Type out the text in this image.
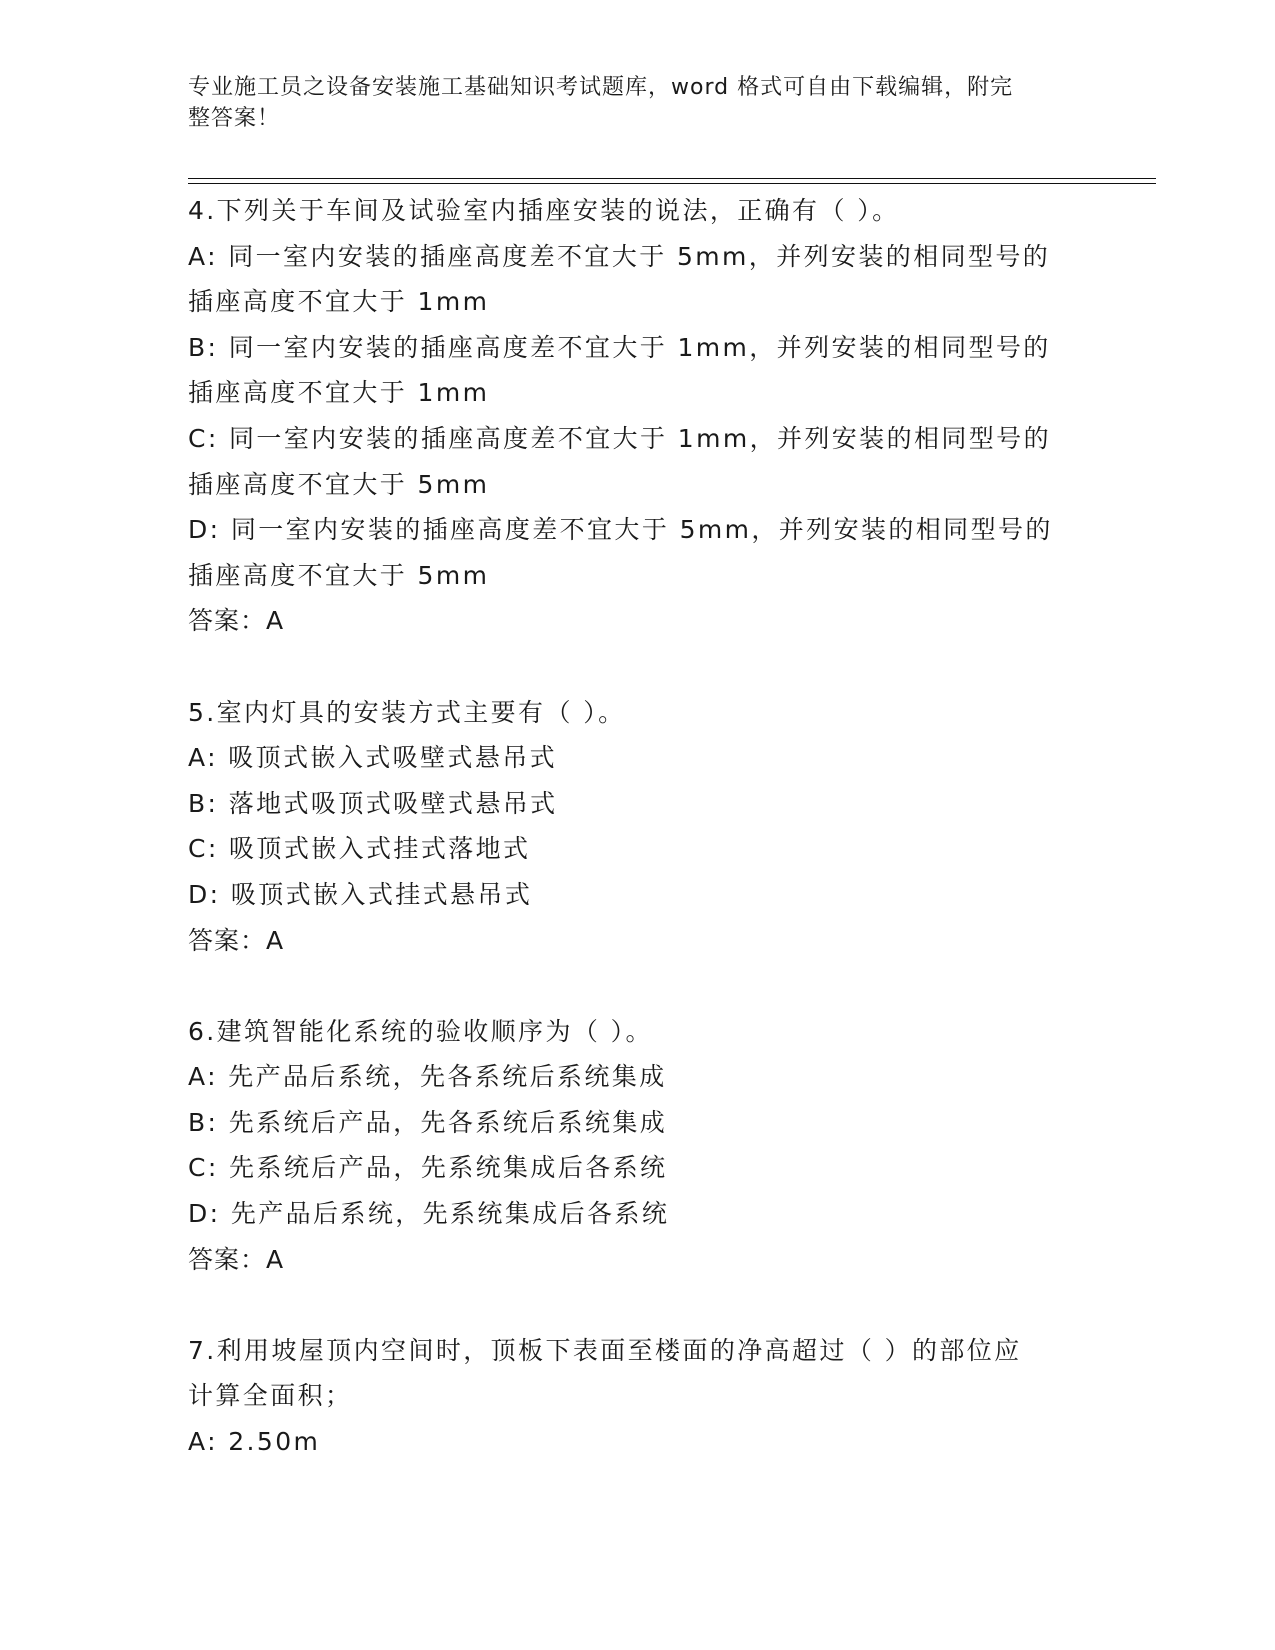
专业施工员之设备安装施工基础知识考试题库，word 格式可自由下载编辑，附完
整答案！
4.下列关于车间及试验室内插座安装的说法，正确有（ ）。
A: 同一室内安装的插座高度差不宜大于 5mm，并列安装的相同型号的
插座高度不宜大于 1mm
B: 同一室内安装的插座高度差不宜大于 1mm，并列安装的相同型号的
插座高度不宜大于 1mm
C: 同一室内安装的插座高度差不宜大于 1mm，并列安装的相同型号的
插座高度不宜大于 5mm
D: 同一室内安装的插座高度差不宜大于 5mm，并列安装的相同型号的
插座高度不宜大于 5mm
答案：A
5.室内灯具的安装方式主要有（ ）。
A: 吸顶式嵌入式吸壁式悬吊式
B: 落地式吸顶式吸壁式悬吊式
C: 吸顶式嵌入式挂式落地式
D: 吸顶式嵌入式挂式悬吊式
答案：A
6.建筑智能化系统的验收顺序为（ ）。
A: 先产品后系统，先各系统后系统集成
B: 先系统后产品，先各系统后系统集成
C: 先系统后产品，先系统集成后各系统
D: 先产品后系统，先系统集成后各系统
答案：A
7.利用坡屋顶内空间时，顶板下表面至楼面的净高超过（ ）的部位应
计算全面积；
A: 2.50m
